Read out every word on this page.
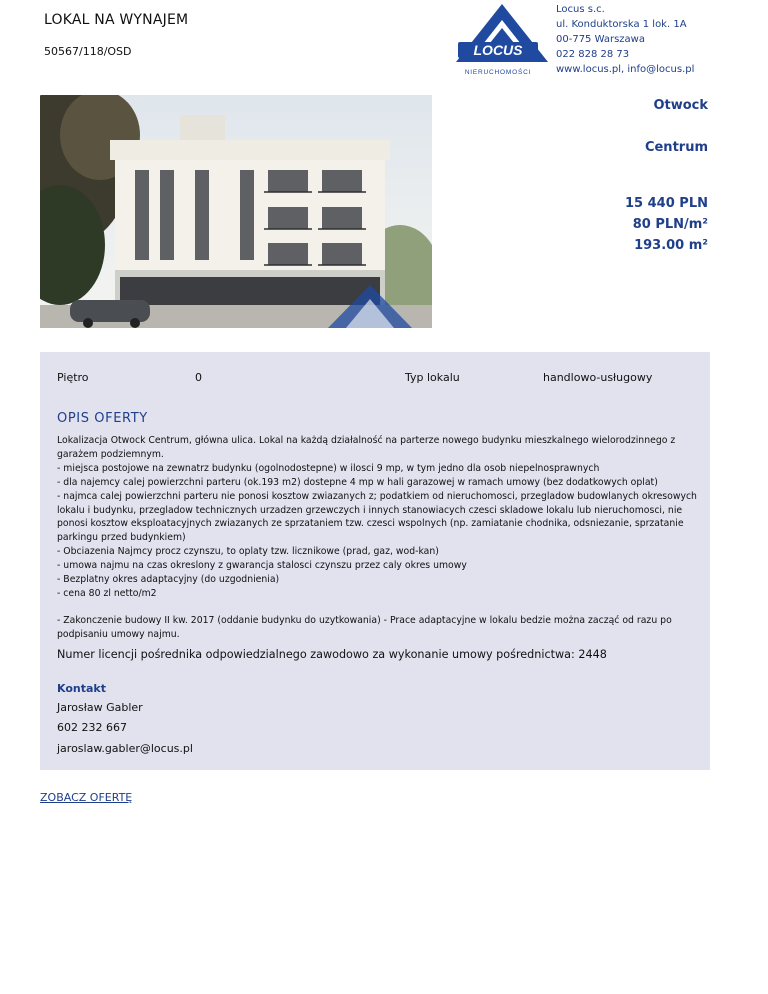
LOKAL NA WYNAJEM
50567/118/OSD	LOCUS
NIERUCHOMOŚCI
Locus s.c.
ul. Konduktorska 1 lok. 1A
00-775 Warszawa
022 828 28 73
www.locus.pl, info@locus.pl
Otwock
Centrum
15 440 PLN
80 PLN/m²
193.00 m²
Piętro	0	Typ lokalu	handlowo-usługowy
OPIS OFERTY

Lokalizacja Otwock Centrum, główna ulica. Lokal na każdą działalność na parterze nowego budynku mieszkalnego wielorodzinnego z garażem podziemnym.

- miejsca postojowe na zewnatrz budynku (ogolnodostepne) w ilosci 9 mp, w tym jedno dla osob niepelnosprawnych

- dla najemcy calej powierzchni parteru (ok.193 m2) dostepne 4 mp w hali garazowej w ramach umowy (bez dodatkowych oplat)

- najmca calej powierzchni parteru nie ponosi kosztow zwiazanych z; podatkiem od nieruchomosci, przegladow budowlanych okresowych lokalu i budynku, przegladow technicznych urzadzen grzewczych i innych stanowiacych czesci skladowe lokalu lub nieruchomosci, nie ponosi kosztow eksploatacyjnych zwiazanych ze sprzataniem tzw. czesci wspolnych (np. zamiatanie chodnika, odsniezanie, sprzatanie parkingu przed budynkiem)

- Obciazenia Najmcy procz czynszu, to oplaty tzw. licznikowe (prad, gaz, wod-kan)

- umowa najmu na czas okreslony z gwarancja stalosci czynszu przez caly okres umowy

- Bezplatny okres adaptacyjny (do uzgodnienia)

- cena 80 zl netto/m2

- Zakonczenie budowy II kw. 2017 (oddanie budynku do uzytkowania) - Prace adaptacyjne w lokalu bedzie można zacząć od razu po podpisaniu umowy najmu.

Numer licencji pośrednika odpowiedzialnego zawodowo za wykonanie umowy pośrednictwa: 2448
Kontakt
Jarosław Gabler
602 232 667
jaroslaw.gabler@locus.pl
ZOBACZ OFERTĘ
